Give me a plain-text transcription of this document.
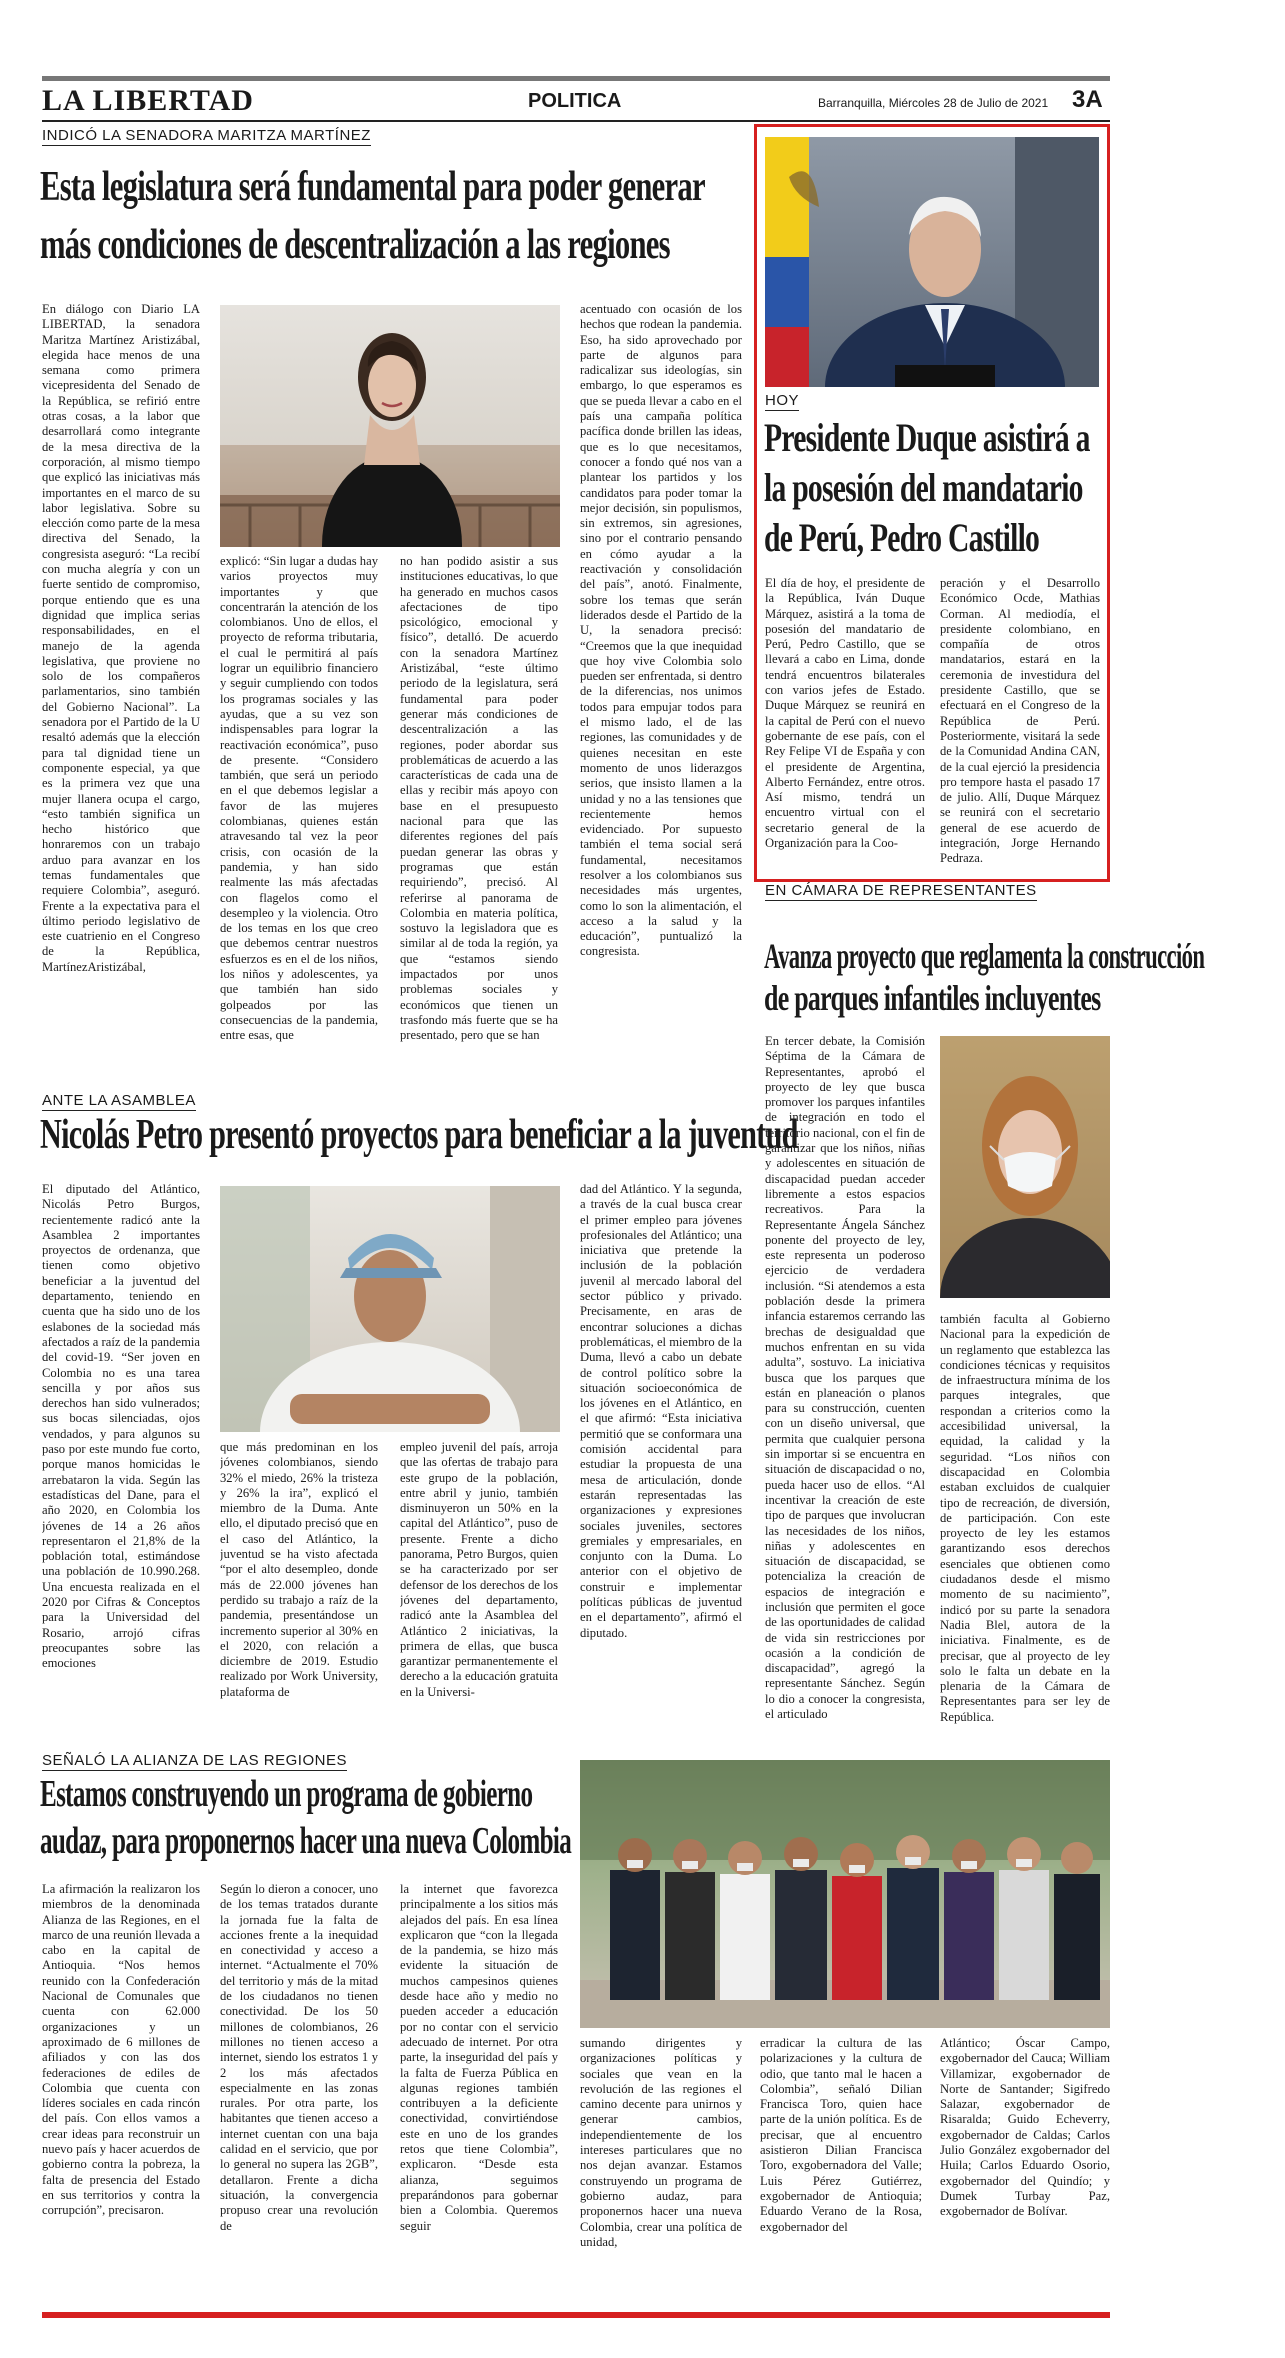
LA LIBERTAD	POLITICA	Barranquilla, Miércoles 28 de Julio de 2021 3A
INDICÓ LA SENADORA MARITZA MARTÍNEZ
Esta legislatura será fundamental para poder generar
más condiciones de descentralización a las regiones
En diálogo con Diario LA LIBERTAD, la senadora Maritza Martínez Aristizábal, elegida hace menos de una semana como primera vicepresidenta del Senado de la República, se refirió entre otras cosas, a la labor que desarrollará como integrante de la mesa directiva de la corporación, al mismo tiempo que explicó las iniciativas más importantes en el marco de su labor legislativa. Sobre su elección como parte de la mesa directiva del Senado, la congresista aseguró: “La recibí con mucha alegría y con un fuerte sentido de compromiso, porque entiendo que es una dignidad que implica serias responsabilidades, en el manejo de la agenda legislativa, que proviene no solo de los compañeros parlamentarios, sino también del Gobierno Nacional”. La senadora por el Partido de la U resaltó además que la elección para tal dignidad tiene un componente especial, ya que es la primera vez que una mujer llanera ocupa el cargo, “esto también significa un hecho histórico que honraremos con un trabajo arduo para avanzar en los temas fundamentales que requiere Colombia”, aseguró. Frente a la expectativa para el último periodo legislativo de este cuatrienio en el Congreso de la República, MartínezAristizábal,
explicó: “Sin lugar a dudas hay varios proyectos muy importantes y que concentrarán la atención de los colombianos. Uno de ellos, el proyecto de reforma tributaria, el cual le permitirá al país lograr un equilibrio financiero y seguir cumpliendo con todos los programas sociales y las ayudas, que a su vez son indispensables para lograr la reactivación económica”, puso de presente. “Considero también, que será un periodo en el que debemos legislar a favor de las mujeres colombianas, quienes están atravesando tal vez la peor crisis, con ocasión de la pandemia, y han sido realmente las más afectadas con flagelos como el desempleo y la violencia. Otro de los temas en los que creo que debemos centrar nuestros esfuerzos es en el de los niños, los niños y adolescentes, ya que también han sido golpeados por las consecuencias de la pandemia, entre esas, que
no han podido asistir a sus instituciones educativas, lo que ha generado en muchos casos afectaciones de tipo psicológico, emocional y físico”, detalló. De acuerdo con la senadora Martínez Aristizábal, “este último periodo de la legislatura, será fundamental para poder generar más condiciones de descentralización a las regiones, poder abordar sus problemáticas de acuerdo a las características de cada una de ellas y recibir más apoyo con base en el presupuesto nacional para que las diferentes regiones del país puedan generar las obras y programas que están requiriendo”, precisó. Al referirse al panorama de Colombia en materia política, sostuvo la legisladora que es similar al de toda la región, ya que “estamos siendo impactados por unos problemas sociales y económicos que tienen un trasfondo más fuerte que se ha presentado, pero que se han
acentuado con ocasión de los hechos que rodean la pandemia. Eso, ha sido aprovechado por parte de algunos para radicalizar sus ideologías, sin embargo, lo que esperamos es que se pueda llevar a cabo en el país una campaña política pacífica donde brillen las ideas, que es lo que necesitamos, conocer a fondo qué nos van a plantear los partidos y los candidatos para poder tomar la mejor decisión, sin populismos, sin extremos, sin agresiones, sino por el contrario pensando en cómo ayudar a la reactivación y consolidación del país”, anotó. Finalmente, sobre los temas que serán liderados desde el Partido de la U, la senadora precisó: “Creemos que la que inequidad que hoy vive Colombia solo pueden ser enfrentada, si dentro de la diferencias, nos unimos todos para empujar todos para el mismo lado, el de las regiones, las comunidades y de quienes necesitan en este momento de unos liderazgos serios, que insisto llamen a la unidad y no a las tensiones que recientemente hemos evidenciado. Por supuesto también el tema social será fundamental, necesitamos resolver a los colombianos sus necesidades más urgentes, como lo son la alimentación, el acceso a la salud y la educación”, puntualizó la congresista.
HOY
Presidente Duque asistirá a
la posesión del mandatario
de Perú, Pedro Castillo
El día de hoy, el presidente de la República, Iván Duque Márquez, asistirá a la toma de posesión del mandatario de Perú, Pedro Castillo, que se llevará a cabo en Lima, donde tendrá encuentros bilaterales con varios jefes de Estado. Duque Márquez se reunirá en la capital de Perú con el nuevo gobernante de ese país, con el Rey Felipe VI de España y con el presidente de Argentina, Alberto Fernández, entre otros. Así mismo, tendrá un encuentro virtual con el secretario general de la Organización para la Coo-
peración y el Desarrollo Económico Ocde, Mathias Corman. Al mediodía, el presidente colombiano, en compañía de otros mandatarios, estará en la ceremonia de investidura del presidente Castillo, que se efectuará en el Congreso de la República de Perú. Posteriormente, visitará la sede de la Comunidad Andina CAN, de la cual ejerció la presidencia pro tempore hasta el pasado 17 de julio. Allí, Duque Márquez se reunirá con el secretario general de ese acuerdo de integración, Jorge Hernando Pedraza.
ANTE LA ASAMBLEA
Nicolás Petro presentó proyectos para beneficiar a la juventud
El diputado del Atlántico, Nicolás Petro Burgos, recientemente radicó ante la Asamblea 2 importantes proyectos de ordenanza, que tienen como objetivo beneficiar a la juventud del departamento, teniendo en cuenta que ha sido uno de los eslabones de la sociedad más afectados a raíz de la pandemia del covid-19. “Ser joven en Colombia no es una tarea sencilla y por años sus derechos han sido vulnerados; sus bocas silenciadas, ojos vendados, y para algunos su paso por este mundo fue corto, porque manos homicidas le arrebataron la vida. Según las estadísticas del Dane, para el año 2020, en Colombia los jóvenes de 14 a 26 años representaron el 21,8% de la población total, estimándose una población de 10.990.268. Una encuesta realizada en el 2020 por Cifras & Conceptos para la Universidad del Rosario, arrojó cifras preocupantes sobre las emociones
que más predominan en los jóvenes colombianos, siendo 32% el miedo, 26% la tristeza y 26% la ira”, explicó el miembro de la Duma. Ante ello, el diputado precisó que en el caso del Atlántico, la juventud se ha visto afectada “por el alto desempleo, donde más de 22.000 jóvenes han perdido su trabajo a raíz de la pandemia, presentándose un incremento superior al 30% en el 2020, con relación a diciembre de 2019. Estudio realizado por Work University, plataforma de
empleo juvenil del país, arroja que las ofertas de trabajo para este grupo de la población, entre abril y junio, también disminuyeron un 50% en la capital del Atlántico”, puso de presente. Frente a dicho panorama, Petro Burgos, quien se ha caracterizado por ser defensor de los derechos de los jóvenes del departamento, radicó ante la Asamblea del Atlántico 2 iniciativas, la primera de ellas, que busca garantizar permanentemente el derecho a la educación gratuita en la Universi-
dad del Atlántico. Y la segunda, a través de la cual busca crear el primer empleo para jóvenes profesionales del Atlántico; una iniciativa que pretende la inclusión de la población juvenil al mercado laboral del sector público y privado. Precisamente, en aras de encontrar soluciones a dichas problemáticas, el miembro de la Duma, llevó a cabo un debate de control político sobre la situación socioeconómica de los jóvenes en el Atlántico, en el que afirmó: “Esta iniciativa permitió que se conformara una comisión accidental para estudiar la propuesta de una mesa de articulación, donde estarán representadas las organizaciones y expresiones sociales juveniles, sectores gremiales y empresariales, en conjunto con la Duma. Lo anterior con el objetivo de construir e implementar políticas públicas de juventud en el departamento”, afirmó el diputado.
EN CÁMARA DE REPRESENTANTES
Avanza proyecto que reglamenta la construcción
de parques infantiles incluyentes
En tercer debate, la Comisión Séptima de la Cámara de Representantes, aprobó el proyecto de ley que busca promover los parques infantiles de integración en todo el territorio nacional, con el fin de garantizar que los niños, niñas y adolescentes en situación de discapacidad puedan acceder libremente a estos espacios recreativos. Para la Representante Ángela Sánchez ponente del proyecto de ley, este representa un poderoso ejercicio de verdadera inclusión. “Si atendemos a esta población desde la primera infancia estaremos cerrando las brechas de desigualdad que muchos enfrentan en su vida adulta”, sostuvo. La iniciativa busca que los parques que están en planeación o planos para su construcción, cuenten con un diseño universal, que permita que cualquier persona sin importar si se encuentra en situación de discapacidad o no, pueda hacer uso de ellos. “Al incentivar la creación de este tipo de parques que involucran las necesidades de los niños, niñas y adolescentes en situación de discapacidad, se potencializa la creación de espacios de integración e inclusión que permiten el goce de las oportunidades de calidad de vida sin restricciones por ocasión a la condición de discapacidad”, agregó la representante Sánchez. Según lo dio a conocer la congresista, el articulado
también faculta al Gobierno Nacional para la expedición de un reglamento que establezca las condiciones técnicas y requisitos de infraestructura mínima de los parques integrales, que respondan a criterios como la accesibilidad universal, la equidad, la calidad y la seguridad. “Los niños con discapacidad en Colombia estaban excluidos de cualquier tipo de recreación, de diversión, de participación. Con este proyecto de ley les estamos garantizando esos derechos esenciales que obtienen como ciudadanos desde el mismo momento de su nacimiento”, indicó por su parte la senadora Nadia Blel, autora de la iniciativa. Finalmente, es de precisar, que al proyecto de ley solo le falta un debate en la plenaria de la Cámara de Representantes para ser ley de República.
SEÑALÓ LA ALIANZA DE LAS REGIONES
Estamos construyendo un programa de gobierno
audaz, para proponernos hacer una nueva Colombia
La afirmación la realizaron los miembros de la denominada Alianza de las Regiones, en el marco de una reunión llevada a cabo en la capital de Antioquia. “Nos hemos reunido con la Confederación Nacional de Comunales que cuenta con 62.000 organizaciones y un aproximado de 6 millones de afiliados y con las dos federaciones de ediles de Colombia que cuenta con líderes sociales en cada rincón del país. Con ellos vamos a crear ideas para reconstruir un nuevo país y hacer acuerdos de gobierno contra la pobreza, la falta de presencia del Estado en sus territorios y contra la corrupción”, precisaron.
Según lo dieron a conocer, uno de los temas tratados durante la jornada fue la falta de acciones frente a la inequidad en conectividad y acceso a internet. “Actualmente el 70% del territorio y más de la mitad de los ciudadanos no tienen conectividad. De los 50 millones de colombianos, 26 millones no tienen acceso a internet, siendo los estratos 1 y 2 los más afectados especialmente en las zonas rurales. Por otra parte, los habitantes que tienen acceso a internet cuentan con una baja calidad en el servicio, que por lo general no supera las 2GB”, detallaron. Frente a dicha situación, la convergencia propuso crear una revolución de
la internet que favorezca principalmente a los sitios más alejados del país. En esa línea explicaron que “con la llegada de la pandemia, se hizo más evidente la situación de muchos campesinos quienes desde hace año y medio no pueden acceder a educación por no contar con el servicio adecuado de internet. Por otra parte, la inseguridad del país y la falta de Fuerza Pública en algunas regiones también contribuyen a la deficiente conectividad, convirtiéndose este en uno de los grandes retos que tiene Colombia”, explicaron. “Desde esta alianza, seguimos preparándonos para gobernar bien a Colombia. Queremos seguir
sumando dirigentes y organizaciones políticas y sociales que vean en la revolución de las regiones el camino decente para unirnos y generar cambios, independientemente de los intereses particulares que no nos dejan avanzar. Estamos construyendo un programa de gobierno audaz, para proponernos hacer una nueva Colombia, crear una política de unidad,
erradicar la cultura de las polarizaciones y la cultura de odio, que tanto mal le hacen a Colombia”, señaló Dilian Francisca Toro, quien hace parte de la unión política. Es de precisar, que al encuentro asistieron Dilian Francisca Toro, exgobernadora del Valle; Luis Pérez Gutiérrez, exgobernador de Antioquia; Eduardo Verano de la Rosa, exgobernador del
Atlántico; Óscar Campo, exgobernador del Cauca; William Villamizar, exgobernador de Norte de Santander; Sigifredo Salazar, exgobernador de Risaralda; Guido Echeverry, exgobernador de Caldas; Carlos Julio González exgobernador del Huila; Carlos Eduardo Osorio, exgobernador del Quindío; y Dumek Turbay Paz, exgobernador de Bolívar.
